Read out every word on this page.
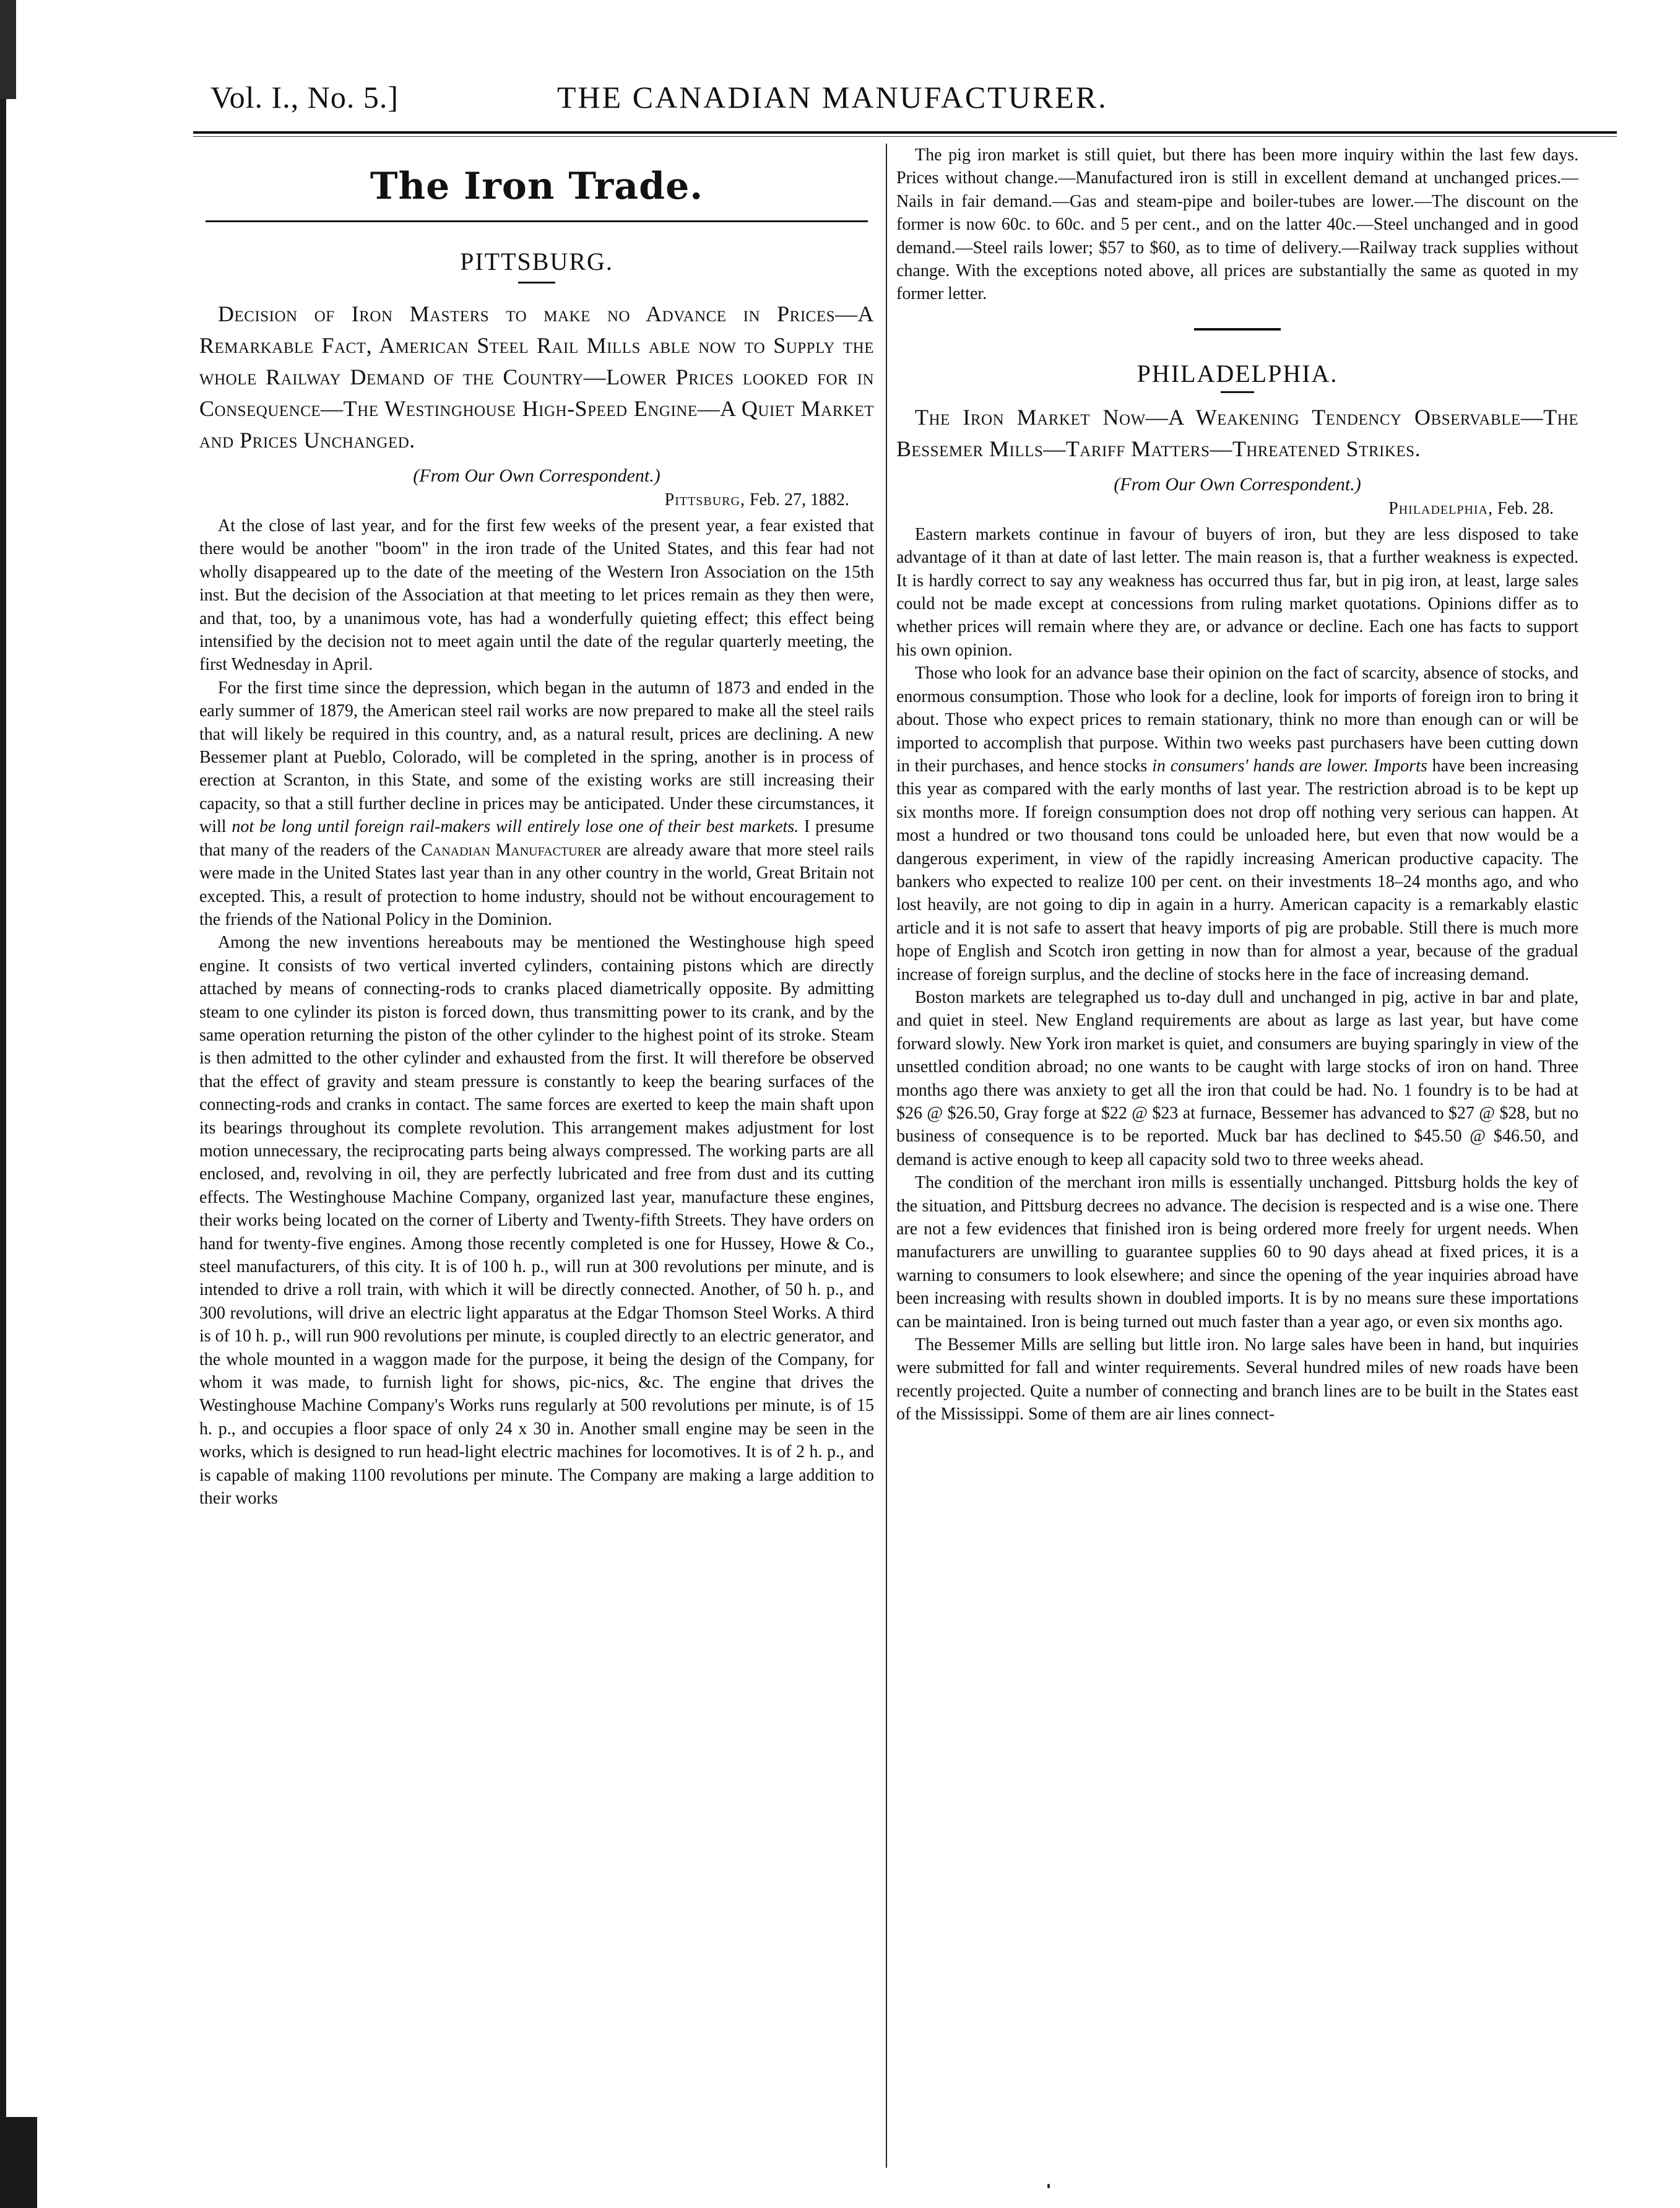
Vol. I., No. 5.]	THE CANADIAN MANUFACTURER.
The Iron Trade.
PITTSBURG.

Decision of Iron Masters to make no Advance in Prices—A Remarkable Fact, American Steel Rail Mills able now to Supply the whole Railway Demand of the Country—Lower Prices looked for in Consequence—The Westinghouse High-Speed Engine—A Quiet Market and Prices Unchanged.

(From Our Own Correspondent.)
Pittsburg, Feb. 27, 1882.

At the close of last year, and for the first few weeks of the present year, a fear existed that there would be another "boom" in the iron trade of the United States, and this fear had not wholly disappeared up to the date of the meeting of the Western Iron Association on the 15th inst. But the decision of the Association at that meeting to let prices remain as they then were, and that, too, by a unanimous vote, has had a wonderfully quieting effect; this effect being intensified by the decision not to meet again until the date of the regular quarterly meeting, the first Wednesday in April.

For the first time since the depression, which began in the autumn of 1873 and ended in the early summer of 1879, the American steel rail works are now prepared to make all the steel rails that will likely be required in this country, and, as a natural result, prices are declining. A new Bessemer plant at Pueblo, Colorado, will be completed in the spring, another is in process of erection at Scranton, in this State, and some of the existing works are still increasing their capacity, so that a still further decline in prices may be anticipated. Under these circumstances, it will not be long until foreign rail-makers will entirely lose one of their best markets. I presume that many of the readers of the Canadian Manufacturer are already aware that more steel rails were made in the United States last year than in any other country in the world, Great Britain not excepted. This, a result of protection to home industry, should not be without encouragement to the friends of the National Policy in the Dominion.

Among the new inventions hereabouts may be mentioned the Westinghouse high speed engine. It consists of two vertical inverted cylinders, containing pistons which are directly attached by means of connecting-rods to cranks placed diametrically opposite. By admitting steam to one cylinder its piston is forced down, thus transmitting power to its crank, and by the same operation returning the piston of the other cylinder to the highest point of its stroke. Steam is then admitted to the other cylinder and exhausted from the first. It will therefore be observed that the effect of gravity and steam pressure is constantly to keep the bearing surfaces of the connecting-rods and cranks in contact. The same forces are exerted to keep the main shaft upon its bearings throughout its complete revolution. This arrangement makes adjustment for lost motion unnecessary, the reciprocating parts being always compressed. The working parts are all enclosed, and, revolving in oil, they are perfectly lubricated and free from dust and its cutting effects. The Westinghouse Machine Company, organized last year, manufacture these engines, their works being located on the corner of Liberty and Twenty-fifth Streets. They have orders on hand for twenty-five engines. Among those recently completed is one for Hussey, Howe & Co., steel manufacturers, of this city. It is of 100 h. p., will run at 300 revolutions per minute, and is intended to drive a roll train, with which it will be directly connected. Another, of 50 h. p., and 300 revolutions, will drive an electric light apparatus at the Edgar Thomson Steel Works. A third is of 10 h. p., will run 900 revolutions per minute, is coupled directly to an electric generator, and the whole mounted in a waggon made for the purpose, it being the design of the Company, for whom it was made, to furnish light for shows, pic-nics, &c. The engine that drives the Westinghouse Machine Company's Works runs regularly at 500 revolutions per minute, is of 15 h. p., and occupies a floor space of only 24 x 30 in. Another small engine may be seen in the works, which is designed to run head-light electric machines for locomotives. It is of 2 h. p., and is capable of making 1100 revolutions per minute. The Company are making a large addition to their works

The pig iron market is still quiet, but there has been more inquiry within the last few days. Prices without change.—Manufactured iron is still in excellent demand at unchanged prices.—Nails in fair demand.—Gas and steam-pipe and boiler-tubes are lower.—The discount on the former is now 60c. to 60c. and 5 per cent., and on the latter 40c.—Steel unchanged and in good demand.—Steel rails lower; $57 to $60, as to time of delivery.—Railway track supplies without change. With the exceptions noted above, all prices are substantially the same as quoted in my former letter.

PHILADELPHIA.

The Iron Market Now—A Weakening Tendency Observable—The Bessemer Mills—Tariff Matters—Threatened Strikes.

(From Our Own Correspondent.)
Philadelphia, Feb. 28.

Eastern markets continue in favour of buyers of iron, but they are less disposed to take advantage of it than at date of last letter. The main reason is, that a further weakness is expected. It is hardly correct to say any weakness has occurred thus far, but in pig iron, at least, large sales could not be made except at concessions from ruling market quotations. Opinions differ as to whether prices will remain where they are, or advance or decline. Each one has facts to support his own opinion.

Those who look for an advance base their opinion on the fact of scarcity, absence of stocks, and enormous consumption. Those who look for a decline, look for imports of foreign iron to bring it about. Those who expect prices to remain stationary, think no more than enough can or will be imported to accomplish that purpose. Within two weeks past purchasers have been cutting down in their purchases, and hence stocks in consumers' hands are lower. Imports have been increasing this year as compared with the early months of last year. The restriction abroad is to be kept up six months more. If foreign consumption does not drop off nothing very serious can happen. At most a hundred or two thousand tons could be unloaded here, but even that now would be a dangerous experiment, in view of the rapidly increasing American productive capacity. The bankers who expected to realize 100 per cent. on their investments 18–24 months ago, and who lost heavily, are not going to dip in again in a hurry. American capacity is a remarkably elastic article and it is not safe to assert that heavy imports of pig are probable. Still there is much more hope of English and Scotch iron getting in now than for almost a year, because of the gradual increase of foreign surplus, and the decline of stocks here in the face of increasing demand.

Boston markets are telegraphed us to-day dull and unchanged in pig, active in bar and plate, and quiet in steel. New England requirements are about as large as last year, but have come forward slowly. New York iron market is quiet, and consumers are buying sparingly in view of the unsettled condition abroad; no one wants to be caught with large stocks of iron on hand. Three months ago there was anxiety to get all the iron that could be had. No. 1 foundry is to be had at $26 @ $26.50, Gray forge at $22 @ $23 at furnace, Bessemer has advanced to $27 @ $28, but no business of consequence is to be reported. Muck bar has declined to $45.50 @ $46.50, and demand is active enough to keep all capacity sold two to three weeks ahead.

The condition of the merchant iron mills is essentially unchanged. Pittsburg holds the key of the situation, and Pittsburg decrees no advance. The decision is respected and is a wise one. There are not a few evidences that finished iron is being ordered more freely for urgent needs. When manufacturers are unwilling to guarantee supplies 60 to 90 days ahead at fixed prices, it is a warning to consumers to look elsewhere; and since the opening of the year inquiries abroad have been increasing with results shown in doubled imports. It is by no means sure these importations can be maintained. Iron is being turned out much faster than a year ago, or even six months ago.

The Bessemer Mills are selling but little iron. No large sales have been in hand, but inquiries were submitted for fall and winter requirements. Several hundred miles of new roads have been recently projected. Quite a number of connecting and branch lines are to be built in the States east of the Mississippi. Some of them are air lines connect-
